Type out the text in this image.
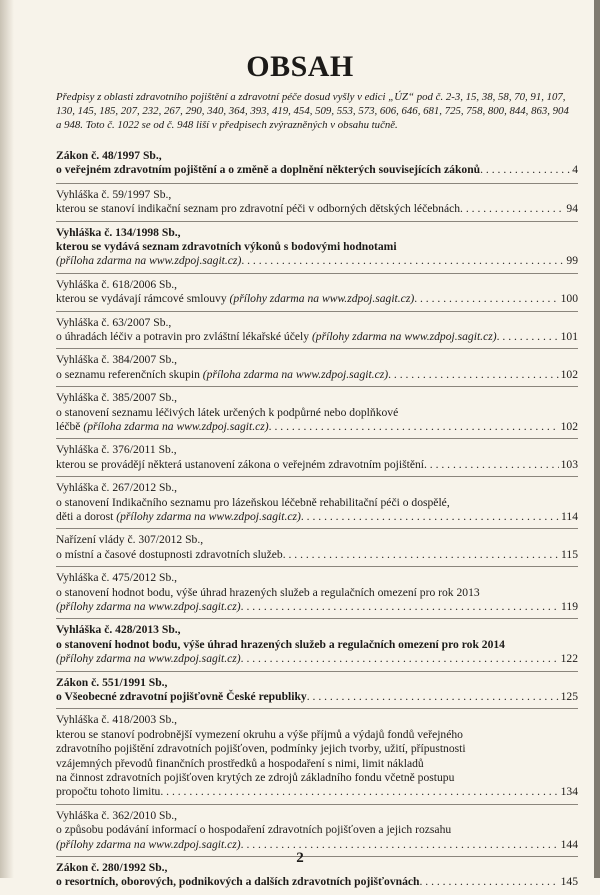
OBSAH
Předpisy z oblasti zdravotního pojištění a zdravotní péče dosud vyšly v edici „ÚZ“ pod č. 2-3, 15, 38, 58, 70, 91, 107, 130, 145, 185, 207, 232, 267, 290, 340, 364, 393, 419, 454, 509, 553, 573, 606, 646, 681, 725, 758, 800, 844, 863, 904 a 948. Toto č. 1022 se od č. 948 liší v předpisech zvýrazněných v obsahu tučně.
Zákon č. 48/1997 Sb.,
o veřejném zdravotním pojištění a o změně a doplnění některých souvisejících zákonů . . .	4
Vyhláška č. 59/1997 Sb.,
kterou se stanoví indikační seznam pro zdravotní péči v odborných dětských léčebnách . . .	94
Vyhláška č. 134/1998 Sb.,
kterou se vydává seznam zdravotních výkonů s bodovými hodnotami
(příloha zdarma na www.zdpoj.sagit.cz) . . .	99
Vyhláška č. 618/2006 Sb.,
kterou se vydávají rámcové smlouvy (přílohy zdarma na www.zdpoj.sagit.cz) . . .	100
Vyhláška č. 63/2007 Sb.,
o úhradách léčiv a potravin pro zvláštní lékařské účely (přílohy zdarma na www.zdpoj.sagit.cz) . . .	101
Vyhláška č. 384/2007 Sb.,
o seznamu referenčních skupin (příloha zdarma na www.zdpoj.sagit.cz) . . .	102
Vyhláška č. 385/2007 Sb.,
o stanovení seznamu léčivých látek určených k podpůrné nebo doplňkové
léčbě (příloha zdarma na www.zdpoj.sagit.cz) . . .	102
Vyhláška č. 376/2011 Sb.,
kterou se provádějí některá ustanovení zákona o veřejném zdravotním pojištění . . .	103
Vyhláška č. 267/2012 Sb.,
o stanovení Indikačního seznamu pro lázeňskou léčebně rehabilitační péči o dospělé,
děti a dorost (přílohy zdarma na www.zdpoj.sagit.cz) . . .	114
Nařízení vlády č. 307/2012 Sb.,
o místní a časové dostupnosti zdravotních služeb . . .	115
Vyhláška č. 475/2012 Sb.,
o stanovení hodnot bodu, výše úhrad hrazených služeb a regulačních omezení pro rok 2013
(přílohy zdarma na www.zdpoj.sagit.cz) . . .	119
Vyhláška č. 428/2013 Sb.,
o stanovení hodnot bodu, výše úhrad hrazených služeb a regulačních omezení pro rok 2014
(přílohy zdarma na www.zdpoj.sagit.cz) . . .	122
Zákon č. 551/1991 Sb.,
o Všeobecné zdravotní pojišťovně České republiky . . .	125
Vyhláška č. 418/2003 Sb.,
kterou se stanoví podrobnější vymezení okruhu a výše příjmů a výdajů fondů veřejného
zdravotního pojištění zdravotních pojišťoven, podmínky jejich tvorby, užití, přípustnosti
vzájemných převodů finančních prostředků a hospodaření s nimi, limit nákladů
na činnost zdravotních pojišťoven krytých ze zdrojů základního fondu včetně postupu
propočtu tohoto limitu . . .	134
Vyhláška č. 362/2010 Sb.,
o způsobu podávání informací o hospodaření zdravotních pojišťoven a jejich rozsahu
(přílohy zdarma na www.zdpoj.sagit.cz) . . .	144
Zákon č. 280/1992 Sb.,
o resortních, oborových, podnikových a dalších zdravotních pojišťovnách . . .	145
2
